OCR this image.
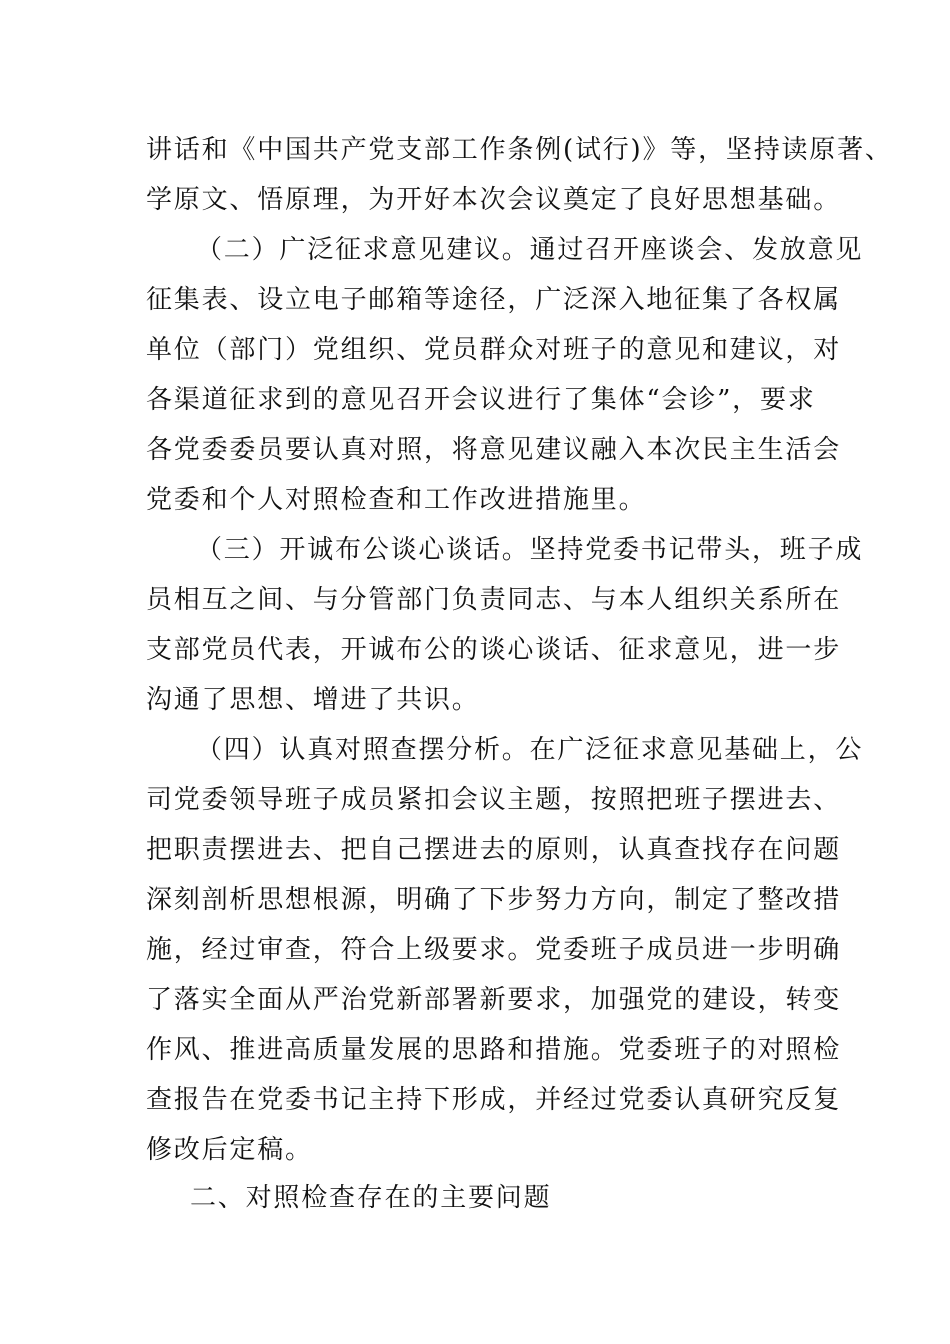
讲话和《中国共产党支部工作条例(试行)》等，坚持读原著、

学原文、悟原理，为开好本次会议奠定了良好思想基础。

（二）广泛征求意见建议。通过召开座谈会、发放意见

征集表、设立电子邮箱等途径，广泛深入地征集了各权属

单位（部门）党组织、党员群众对班子的意见和建议，对

各渠道征求到的意见召开会议进行了集体“会诊”，要求

各党委委员要认真对照，将意见建议融入本次民主生活会

党委和个人对照检查和工作改进措施里。

（三）开诚布公谈心谈话。坚持党委书记带头，班子成

员相互之间、与分管部门负责同志、与本人组织关系所在

支部党员代表，开诚布公的谈心谈话、征求意见，进一步

沟通了思想、增进了共识。

（四）认真对照查摆分析。在广泛征求意见基础上，公

司党委领导班子成员紧扣会议主题，按照把班子摆进去、

把职责摆进去、把自己摆进去的原则，认真查找存在问题

深刻剖析思想根源，明确了下步努力方向，制定了整改措

施，经过审查，符合上级要求。党委班子成员进一步明确

了落实全面从严治党新部署新要求，加强党的建设，转变

作风、推进高质量发展的思路和措施。党委班子的对照检

查报告在党委书记主持下形成，并经过党委认真研究反复

修改后定稿。

二、对照检查存在的主要问题
